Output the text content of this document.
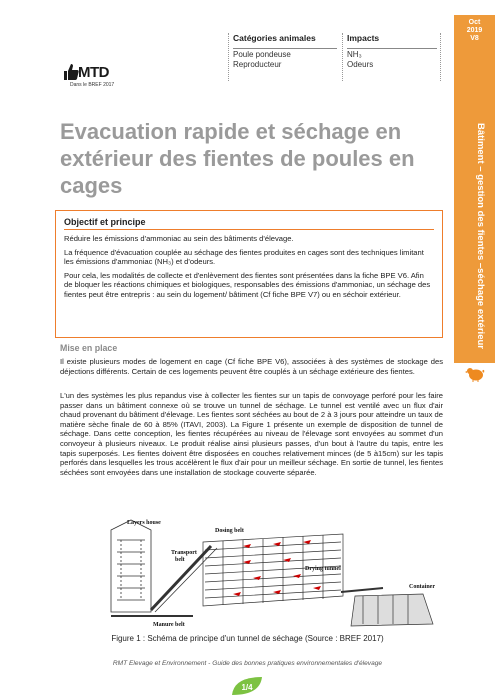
MTD
Dans le BREF 2017
Catégories animales
Poule pondeuse
Reproducteur
Impacts
NH₃
Odeurs
Oct
2019
V8
Bâtiment – gestion des fientes –séchage extérieur
Evacuation rapide et séchage en extérieur des fientes de poules en cages
Objectif et principe

Réduire les émissions d'ammoniac au sein des bâtiments d'élevage.

La fréquence d'évacuation couplée au séchage des fientes produites en cages sont des techniques limitant les émissions d'ammoniac (NH₃) et d'odeurs.

Pour cela, les modalités de collecte et d'enlèvement des fientes sont présentées dans la fiche BPE V6. Afin de bloquer les réactions chimiques et biologiques, responsables des émissions d'ammoniac, un séchage des fientes peut être entrepris : au sein du logement/ bâtiment (Cf fiche BPE V7) ou en séchoir extérieur.

Mise en place

Il existe plusieurs modes de logement en cage (Cf fiche BPE V6), associées à des systèmes de stockage des déjections différents. Certain de ces logements peuvent être couplés à un séchage extérieure des fientes.

L'un des systèmes les plus repandus vise à collecter les fientes sur un tapis de convoyage perforé pour les faire passer dans un bâtiment connexe où se trouve un tunnel de séchage. Le tunnel est ventilé avec un flux d'air chaud provenant du bâtiment d'élevage. Les fientes sont séchées au bout de 2 à 3 jours pour atteindre un taux de matière sèche finale de 60 à 85% (ITAVI, 2003). La Figure 1 présente un exemple de disposition de tunnel de séchage. Dans cette conception, les fientes récupérées au niveau de l'élevage sont envoyées au sommet d'un convoyeur à plusieurs niveaux. Le produit réalise ainsi plusieurs passes, d'un bout à l'autre du tapis, entre les tapis superposés. Les fientes doivent être disposées en couches relativement minces (de 5 à15cm) sur les tapis perforés dans lesquelles les trous accélèrent le flux d'air pour un meilleur séchage. En sortie de tunnel, les fientes séchées sont envoyées dans une installation de stockage couverte séparée.

Layers house
Dosing belt
Transport
belt
Drying tunnel
Container
Manure belt
Figure 1 : Schéma de principe d'un tunnel de séchage (Source : BREF 2017)
RMT Elevage et Environnement - Guide des bonnes pratiques environnementales d'élevage
1/4
